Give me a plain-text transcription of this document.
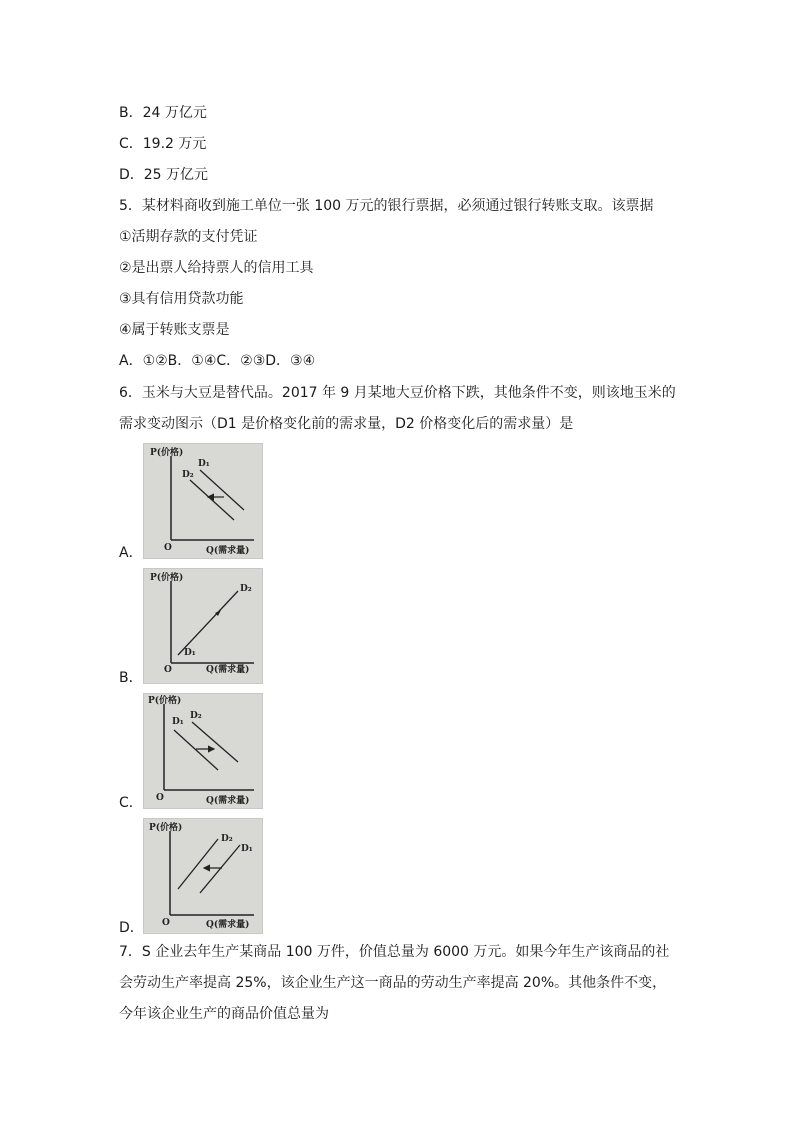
B．24 万亿元
C．19.2 万元
D．25 万亿元
5．某材料商收到施工单位一张 100 万元的银行票据，必须通过银行转账支取。该票据
①活期存款的支付凭证
②是出票人给持票人的信用工具
③具有信用贷款功能
④属于转账支票是
A．①②B．①④C．②③D．③④
6．玉米与大豆是替代品。2017 年 9 月某地大豆价格下跌，其他条件不变，则该地玉米的需求变动图示（D1 是价格变化前的需求量，D2 价格变化后的需求量）是
P(价格)
Q(需求量)
O
D₁
D₂
A．
P(价格)
Q(需求量)
O
D₁
D₂
B．
P(价格)
Q(需求量)
O
D₁
D₂
C．
P(价格)
Q(需求量)
O
D₂
D₁
D．
7．S 企业去年生产某商品 100 万件，价值总量为 6000 万元。如果今年生产该商品的社会劳动生产率提高 25%，该企业生产这一商品的劳动生产率提高 20%。其他条件不变，今年该企业生产的商品价值总量为
